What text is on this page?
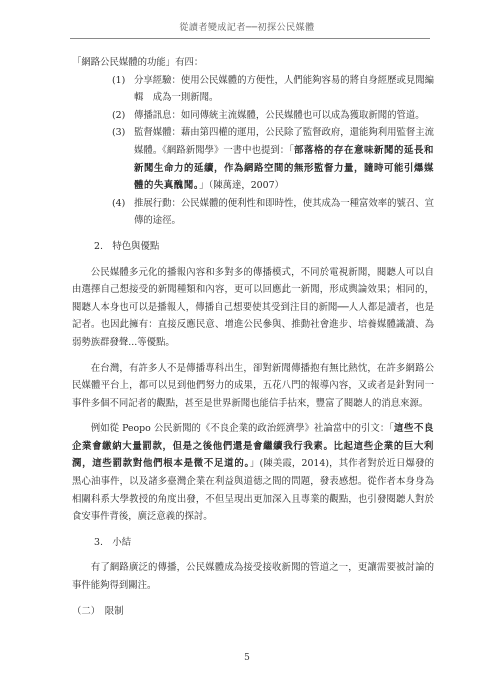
從讀者變成記者──初探公民媒體

「網路公民媒體的功能」有四：

(1) 分享經驗：使用公民媒體的方便性，人們能夠容易的將自身經歷或見聞編輯　成為一則新聞。
(2) 傳播訊息：如同傳統主流媒體，公民媒體也可以成為獲取新聞的管道。
(3) 監督媒體：藉由第四權的運用，公民除了監督政府，還能夠利用監督主流媒體。《網路新聞學》一書中也提到：「部落格的存在意味新聞的延長和新聞生命力的延續，作為網路空間的無形監督力量，隨時可能引爆媒體的失真醜聞。」（陳萬達，2007）
(4) 推展行動：公民媒體的便利性和即時性，使其成為一種富效率的號召、宣傳的途徑。

2.　特色與優點

公民媒體多元化的播報內容和多對多的傳播模式，不同於電視新聞，閱聽人可以自由選擇自己想接受的新聞種類和內容，更可以回應此一新聞，形成輿論效果；相同的，閱聽人本身也可以是播報人，傳播自己想要使其受到注目的新聞──人人都是讀者，也是記者。也因此擁有：直接反應民意、增進公民參與、推動社會進步、培養媒體識讀、為弱勢族群發聲...等優點。

在台灣，有許多人不是傳播專科出生，卻對新聞傳播抱有無比熱忱，在許多網路公民媒體平台上，都可以見到他們努力的成果，五花八門的報導內容，又或者是針對同一事件多個不同記者的觀點，甚至是世界新聞也能信手拈來，豐富了閱聽人的消息來源。

例如從 Peopo 公民新聞的《不良企業的政治經濟學》社論當中的引文：「這些不良企業會繳納大量罰款，但是之後他們還是會繼續我行我素。比起這些企業的巨大利潤，這些罰款對他們根本是微不足道的。」(陳美霞，2014)，其作者對於近日爆發的黑心油事件，以及諸多臺灣企業在利益與道德之間的問題，發表感想。從作者本身身為相關科系大學教授的角度出發，不但呈現出更加深入且專業的觀點，也引發閱聽人對於食安事件背後，廣泛意義的探討。

3.　小結

有了網路廣泛的傳播，公民媒體成為接受接收新聞的管道之一，更讓需要被討論的事件能夠得到關注。

（二）　限制

5
